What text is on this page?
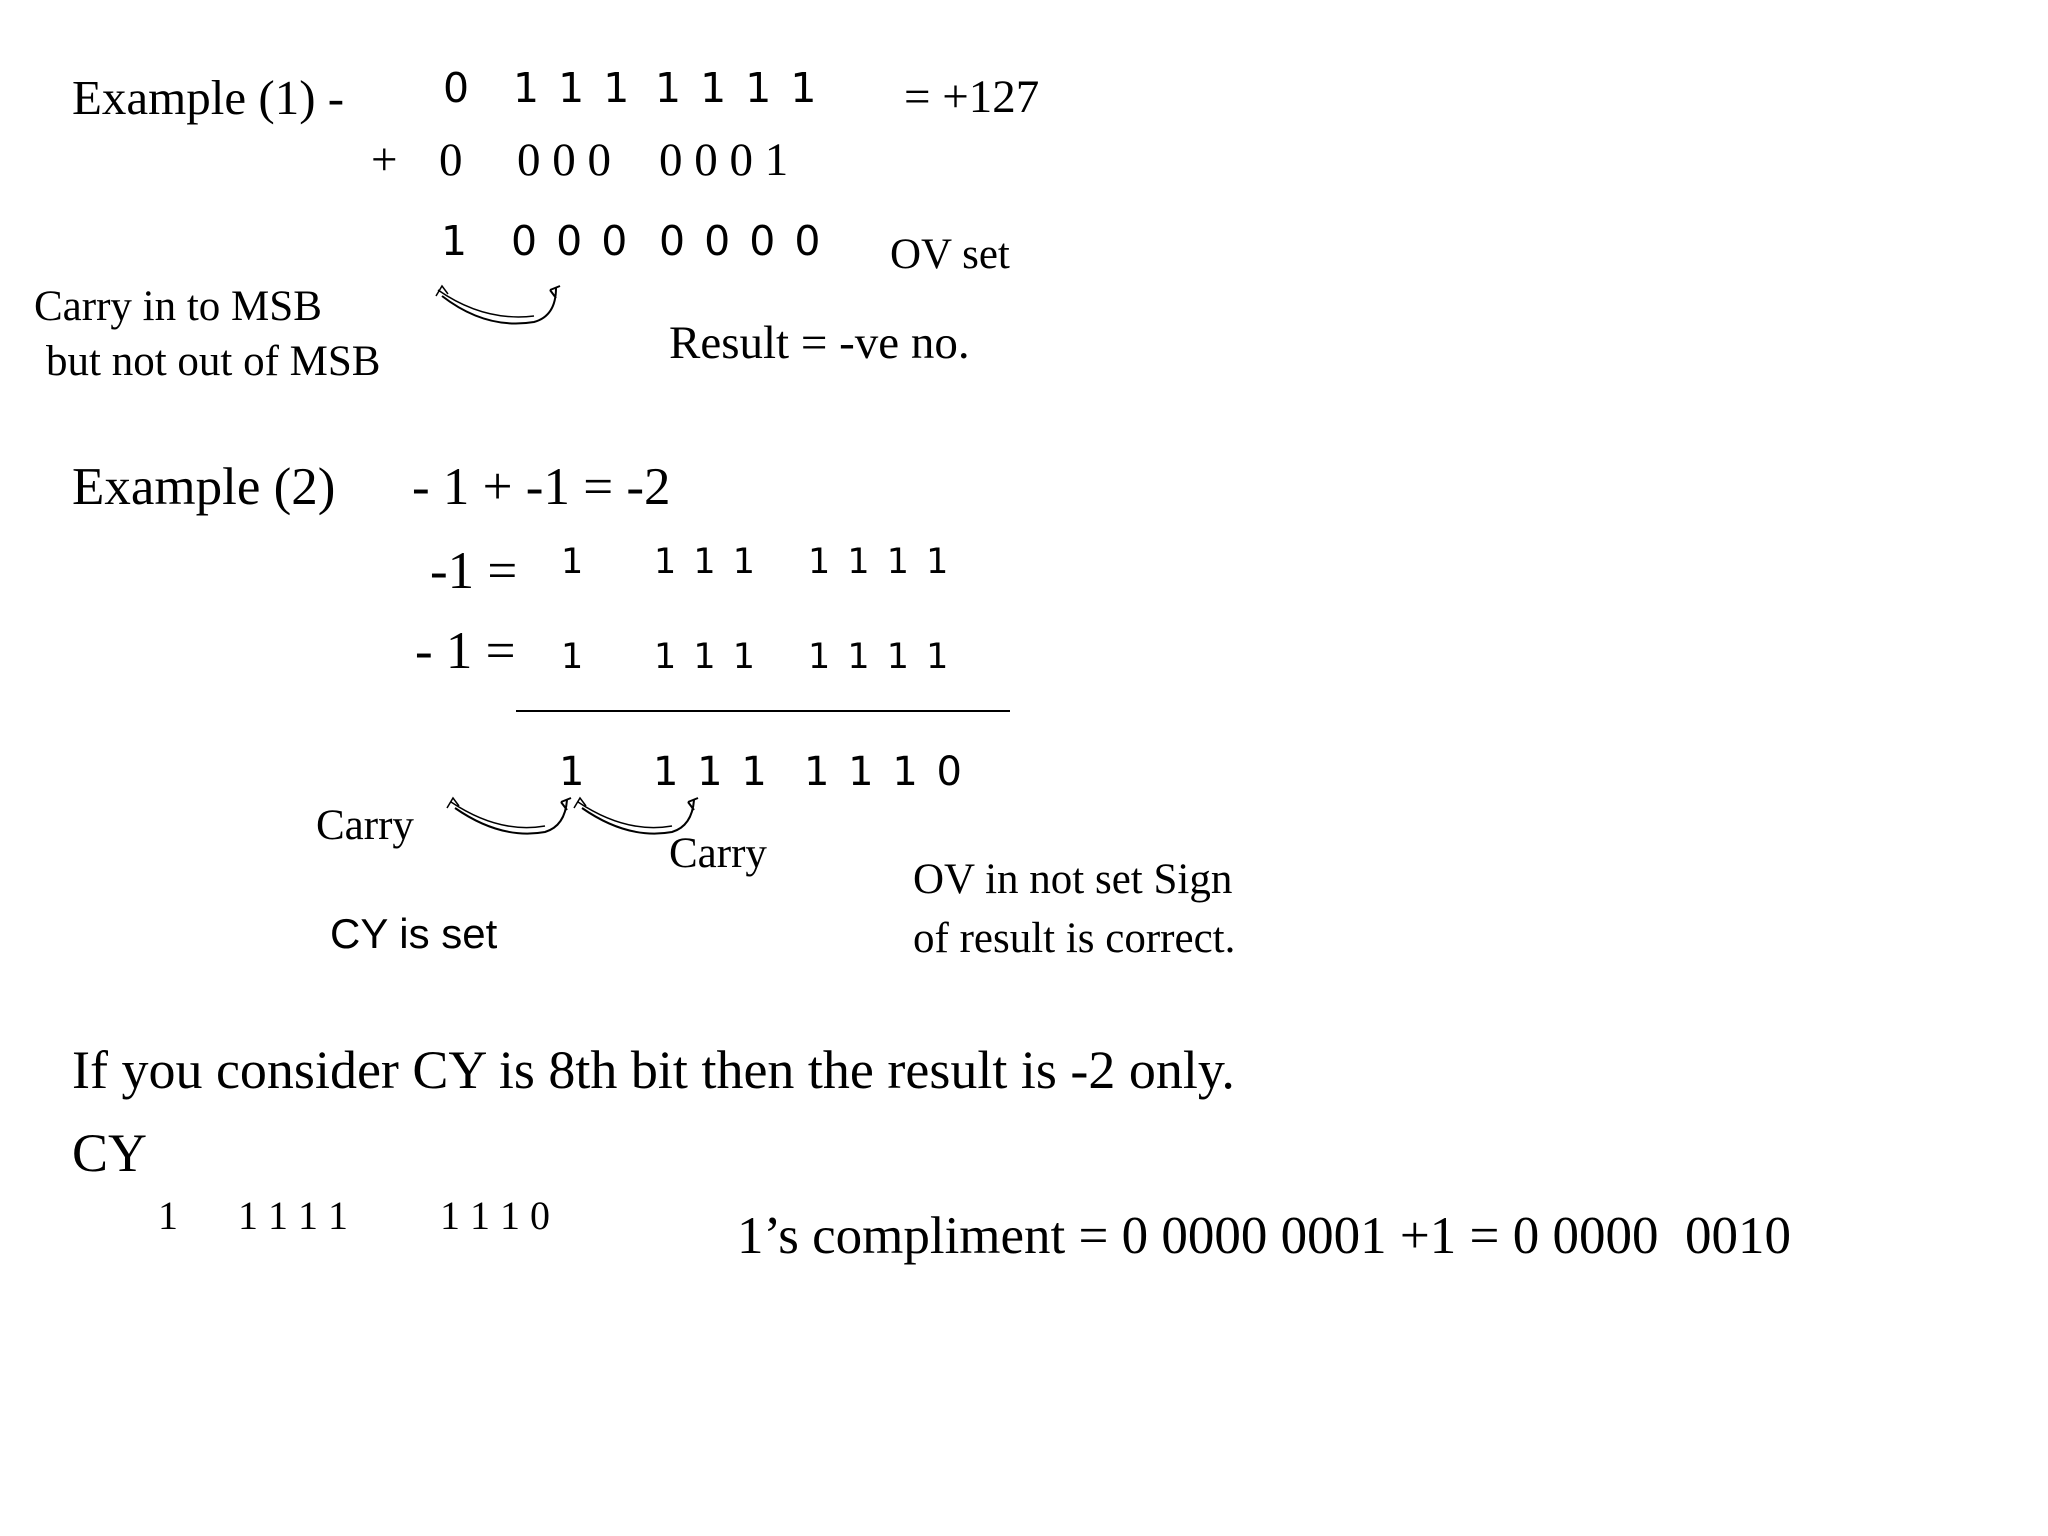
Example (1) - 0 1 1 1 1 1 1 1 = +127
+ 0 0 0 0 0 0 0 1
1 0 0 0 0 0 0 0 OV set
Carry in to MSB
but not out of MSB	Result = -ve no.
Example (2) - 1 + -1 = -2
-1 = 1 1 1 1 1 1 1 1
- 1 = 1 1 1 1 1 1 1 1
1 1 1 1 1 1 1 0
Carry
Carry
CY is set
OV in not set Sign
of result is correct.
If you consider CY is 8th bit then the result is -2 only.
CY
1 1 1 1 1 1 1 1 0	1’s compliment = 0 0000 0001 +1 = 0 0000  0010
